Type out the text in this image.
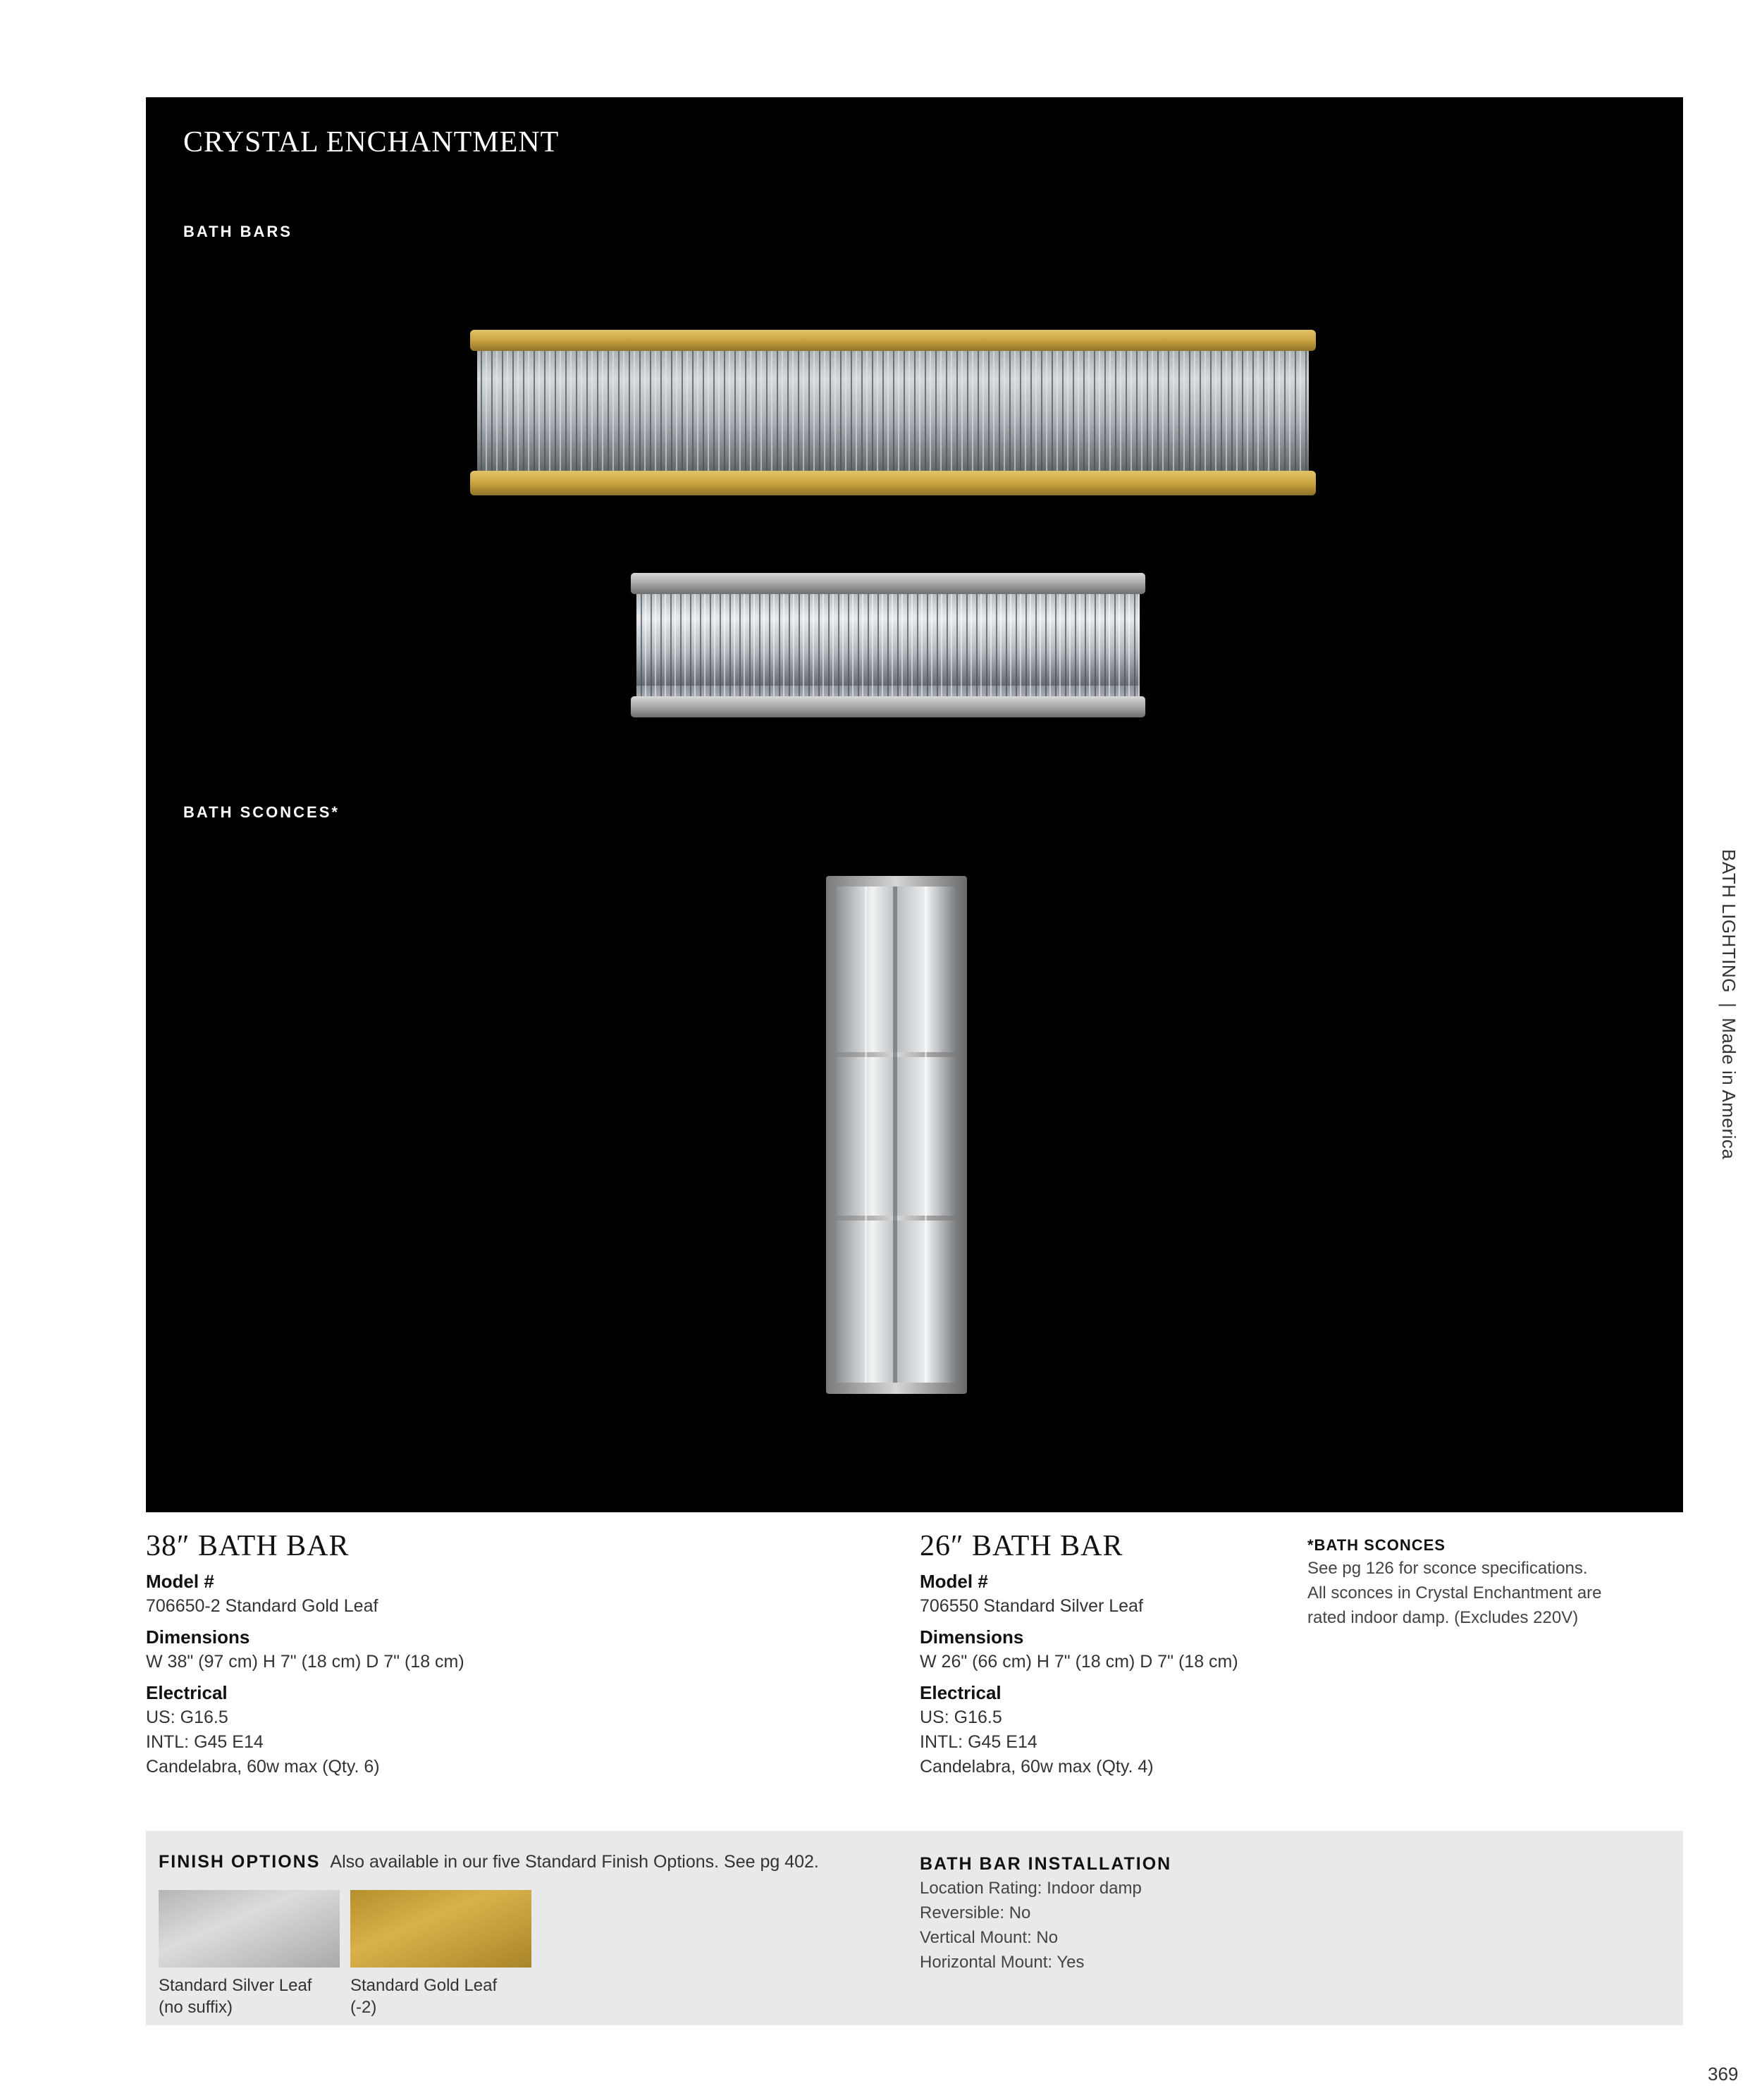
CRYSTAL ENCHANTMENT
BATH BARS
BATH SCONCES*
BATH LIGHTING|Made in America
38″ BATH BAR
Model #
706650-2 Standard Gold Leaf
Dimensions
W 38" (97 cm) H 7" (18 cm) D 7" (18 cm)
Electrical
US: G16.5
INTL: G45 E14
Candelabra, 60w max (Qty. 6)
26″ BATH BAR
Model #
706550 Standard Silver Leaf
Dimensions
W 26" (66 cm) H 7" (18 cm) D 7" (18 cm)
Electrical
US: G16.5
INTL: G45 E14
Candelabra, 60w max (Qty. 4)
*BATH SCONCES
See pg 126 for sconce specifications.
All sconces in Crystal Enchantment are
rated indoor damp. (Excludes 220V)
FINISH OPTIONS Also available in our five Standard Finish Options. See pg 402.
Standard Silver Leaf
(no suffix)
Standard Gold Leaf
(-2)
BATH BAR INSTALLATION
Location Rating: Indoor damp
Reversible: No
Vertical Mount: No
Horizontal Mount: Yes
369
